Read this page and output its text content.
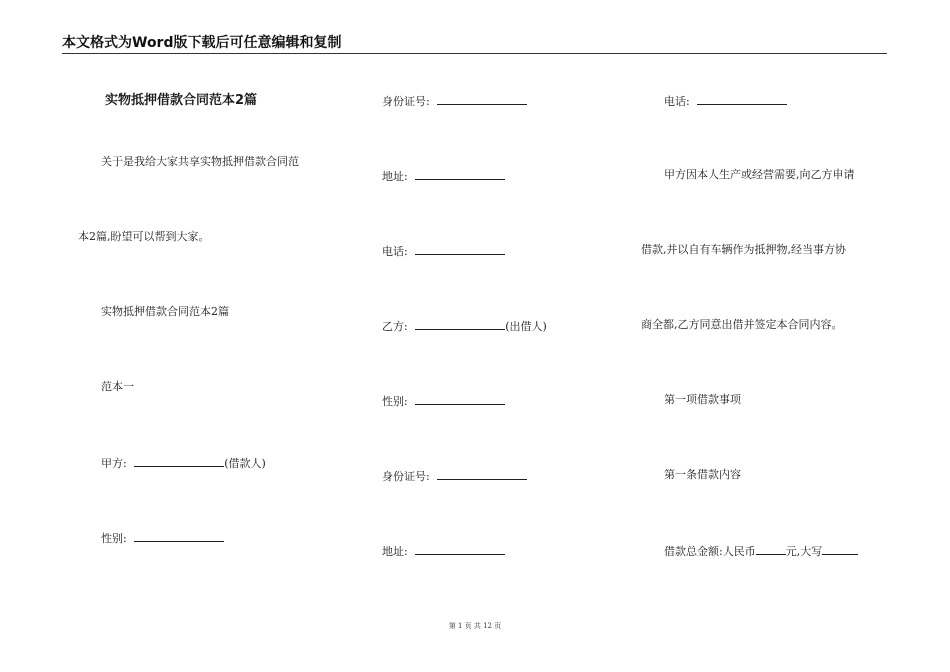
本文格式为Word版下载后可任意编辑和复制
实物抵押借款合同范本2篇
关于是我给大家共享实物抵押借款合同范
本2篇,盼望可以帮到大家。
实物抵押借款合同范本2篇
范本一
甲方:	(借款人)
性别:
身份证号:
地址:
电话:
乙方:	(出借人)
性别:
身份证号:
地址:
电话:
甲方因本人生产或经营需要,向乙方申请
借款,并以自有车辆作为抵押物,经当事方协
商全都,乙方同意出借并签定本合同内容。
第一项借款事项
第一条借款内容
借款总金额:人民币	元,大写
第 1 页 共 12 页
